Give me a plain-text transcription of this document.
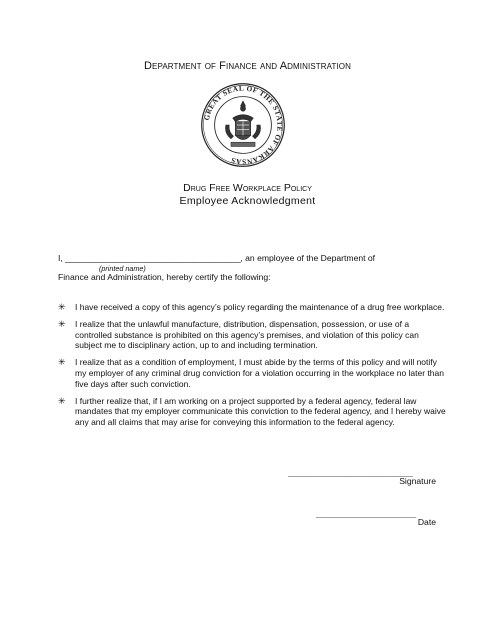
Department of Finance and Administration
GREAT SEAL OF THE STATE OF ARKANSAS
Drug Free Workplace Policy
Employee Acknowledgment
I, ________________________________________, an employee of the Department of
(printed name)
Finance and Administration, hereby certify the following:
✳ I have received a copy of this agency’s policy regarding the maintenance of a drug free workplace.
✳ I realize that the unlawful manufacture, distribution, dispensation, possession, or use of a controlled substance is prohibited on this agency’s premises, and violation of this policy can subject me to disciplinary action, up to and including termination.
✳ I realize that as a condition of employment, I must abide by the terms of this policy and will notify my employer of any criminal drug conviction for a violation occurring in the workplace no later than five days after such conviction.
✳ I further realize that, if I am working on a project supported by a federal agency, federal law mandates that my employer communicate this conviction to the federal agency, and I hereby waive any and all claims that may arise for conveying this information to the federal agency.
______________________________
Signature
________________________
Date
